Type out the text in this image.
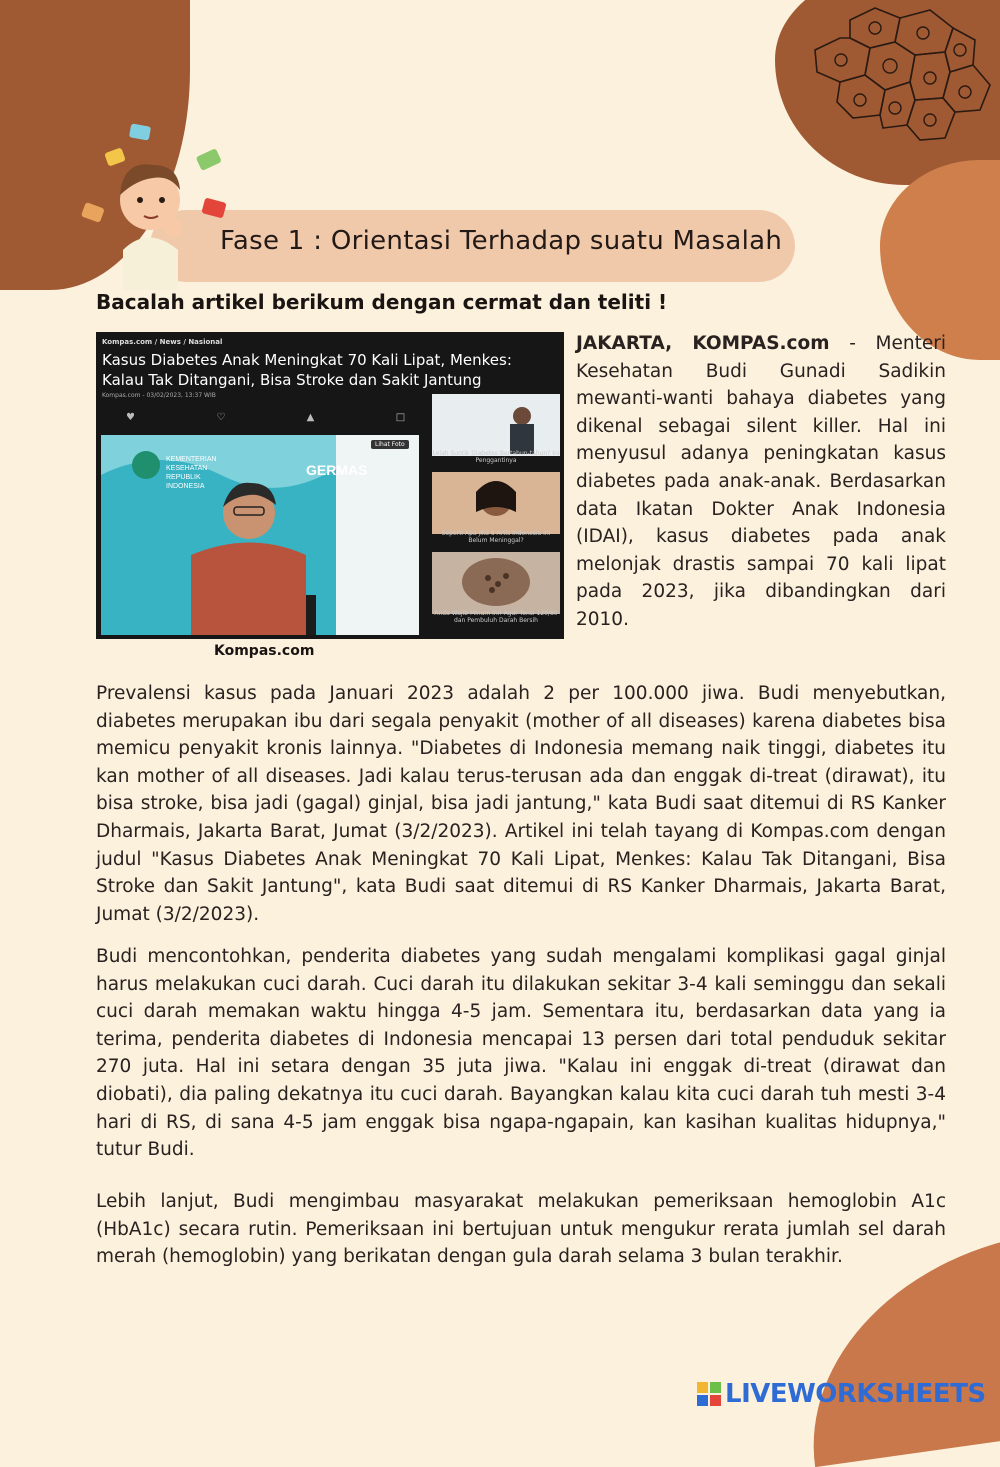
Fase 1 : Orientasi Terhadap suatu Masalah
Bacalah artikel berikum dengan cermat dan teliti !
Kompas.com / News / Nasional
Kasus Diabetes Anak Meningkat 70 Kali Lipat, Menkes: Kalau Tak Ditangani, Bisa Stroke dan Sakit Jantung
Kompas.com - 03/02/2023, 13:37 WIB
♥	♡	▲	□
KEMENTERIAN
KESEHATAN
REPUBLIK
INDONESIA
GERMAS
Lihat Foto
Lelah Suntik Diabetes Bertahun-tahun? Ini Penggantinya
Seperti Apa jika 8 Artis Indonesia Ini Belum Meninggal?
Anda Wajib Minum Ini! Agar Tensi 120/80 dan Pembuluh Darah Bersih
Kompas.com
JAKARTA, KOMPAS.com - Menteri Kesehatan Budi Gunadi Sadikin mewanti-wanti bahaya diabetes yang dikenal sebagai silent killer. Hal ini menyusul adanya peningkatan kasus diabetes pada anak-anak. Berdasarkan data Ikatan Dokter Anak Indonesia (IDAI), kasus diabetes pada anak melonjak drastis sampai 70 kali lipat pada 2023, jika dibandingkan dari 2010.
Prevalensi kasus pada Januari 2023 adalah 2 per 100.000 jiwa. Budi menyebutkan, diabetes merupakan ibu dari segala penyakit (mother of all diseases) karena diabetes bisa memicu penyakit kronis lainnya. "Diabetes di Indonesia memang naik tinggi, diabetes itu kan mother of all diseases. Jadi kalau terus-terusan ada dan enggak di-treat (dirawat), itu bisa stroke, bisa jadi (gagal) ginjal, bisa jadi jantung," kata Budi saat ditemui di RS Kanker Dharmais, Jakarta Barat, Jumat (3/2/2023). Artikel ini telah tayang di Kompas.com dengan judul "Kasus Diabetes Anak Meningkat 70 Kali Lipat, Menkes: Kalau Tak Ditangani, Bisa Stroke dan Sakit Jantung", kata Budi saat ditemui di RS Kanker Dharmais, Jakarta Barat, Jumat (3/2/2023).
Budi mencontohkan, penderita diabetes yang sudah mengalami komplikasi gagal ginjal harus melakukan cuci darah. Cuci darah itu dilakukan sekitar 3-4 kali seminggu dan sekali cuci darah memakan waktu hingga 4-5 jam. Sementara itu, berdasarkan data yang ia terima, penderita diabetes di Indonesia mencapai 13 persen dari total penduduk sekitar 270 juta. Hal ini setara dengan 35 juta jiwa. "Kalau ini enggak di-treat (dirawat dan diobati), dia paling dekatnya itu cuci darah. Bayangkan kalau kita cuci darah tuh mesti 3-4 hari di RS, di sana 4-5 jam enggak bisa ngapa-ngapain, kan kasihan kualitas hidupnya," tutur Budi.
Lebih lanjut, Budi mengimbau masyarakat melakukan pemeriksaan hemoglobin A1c (HbA1c) secara rutin. Pemeriksaan ini bertujuan untuk mengukur rerata jumlah sel darah merah (hemoglobin) yang berikatan dengan gula darah selama 3 bulan terakhir.
LIVEWORKSHEETS
